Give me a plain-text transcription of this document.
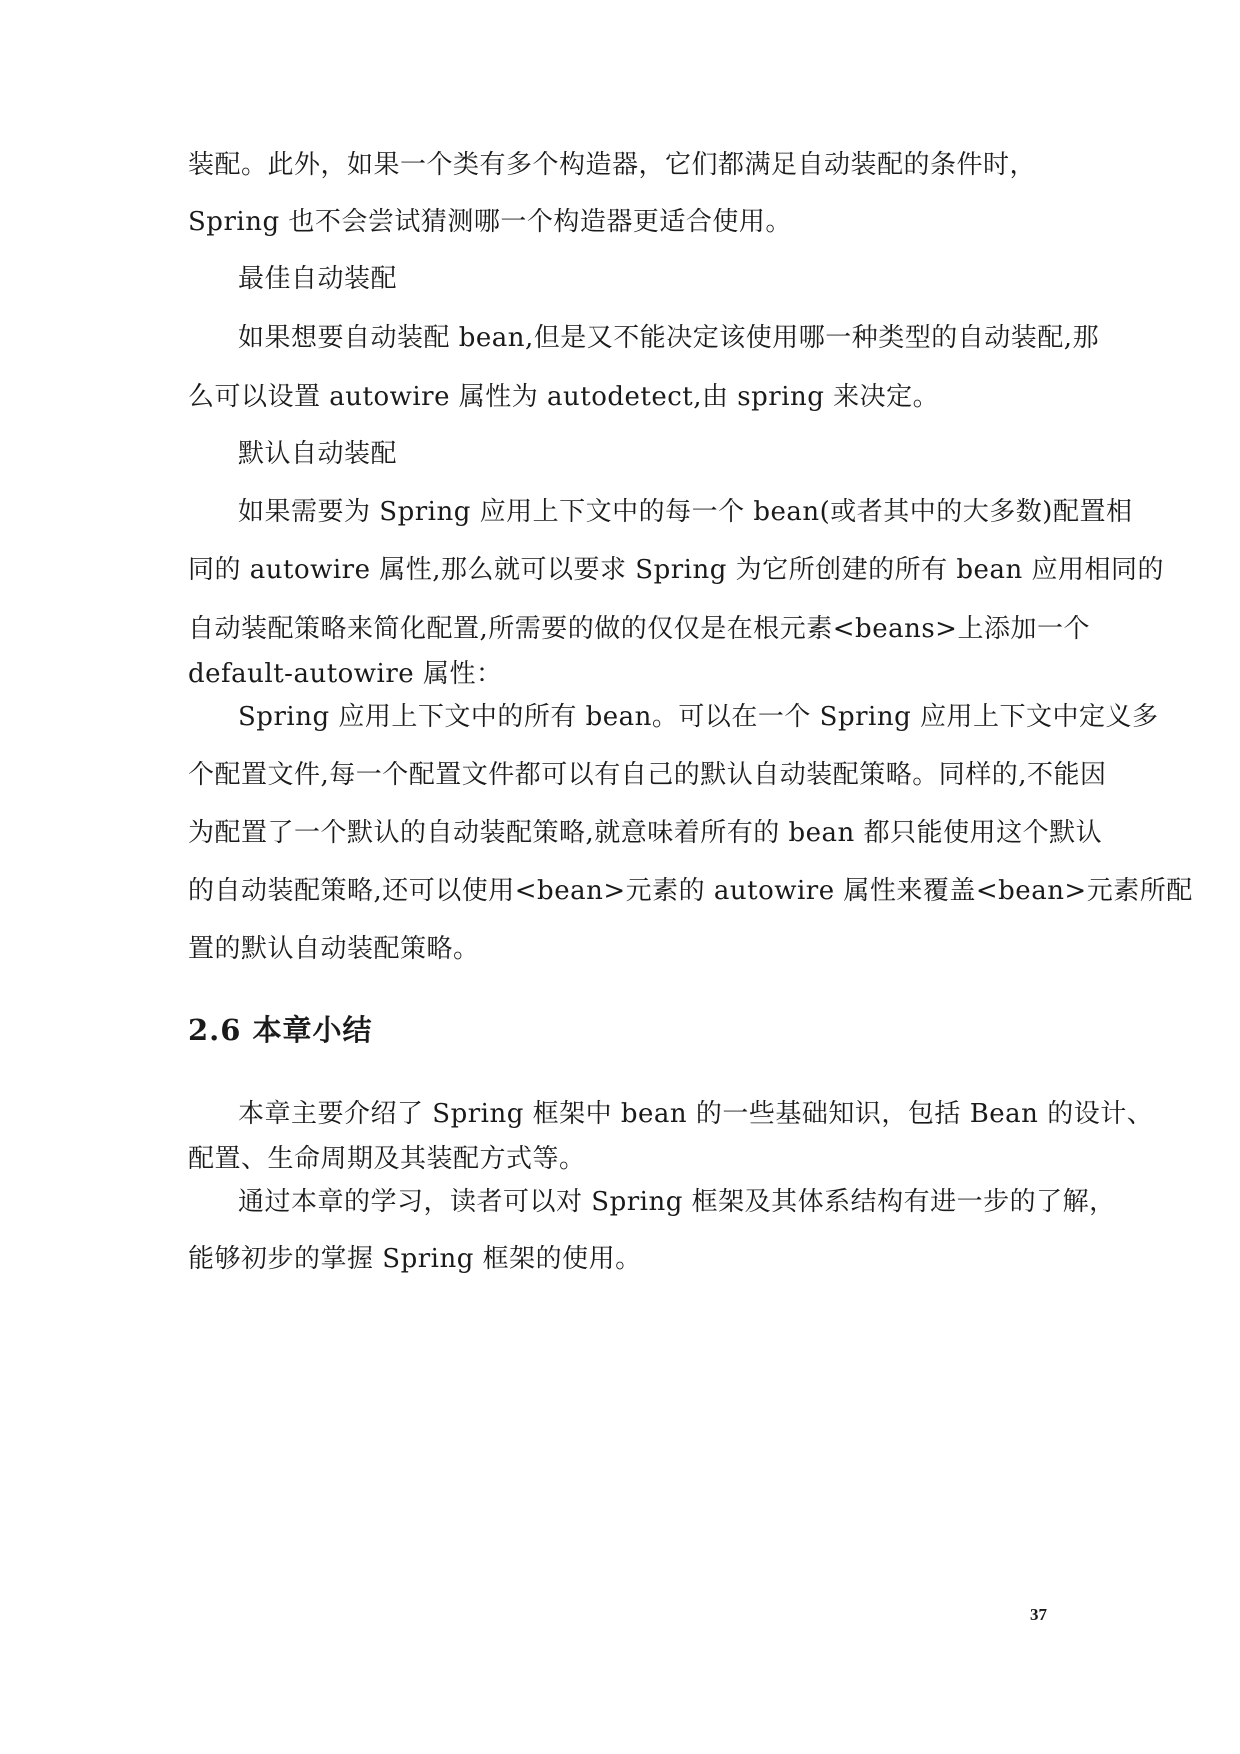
装配。此外，如果一个类有多个构造器，它们都满足自动装配的条件时，
Spring 也不会尝试猜测哪一个构造器更适合使用。
最佳自动装配
如果想要自动装配 bean,但是又不能决定该使用哪一种类型的自动装配,那
么可以设置 autowire 属性为 autodetect,由 spring 来决定。
默认自动装配
如果需要为 Spring 应用上下文中的每一个 bean(或者其中的大多数)配置相
同的 autowire 属性,那么就可以要求 Spring 为它所创建的所有 bean 应用相同的
自动装配策略来简化配置,所需要的做的仅仅是在根元素<beans>上添加一个
default-autowire 属性：
Spring 应用上下文中的所有 bean。可以在一个 Spring 应用上下文中定义多
个配置文件,每一个配置文件都可以有自己的默认自动装配策略。同样的,不能因
为配置了一个默认的自动装配策略,就意味着所有的 bean 都只能使用这个默认
的自动装配策略,还可以使用<bean>元素的 autowire 属性来覆盖<bean>元素所配
置的默认自动装配策略。
2.6 本章小结
本章主要介绍了 Spring 框架中 bean 的一些基础知识，包括 Bean 的设计、
配置、生命周期及其装配方式等。
通过本章的学习，读者可以对 Spring 框架及其体系结构有进一步的了解，
能够初步的掌握 Spring 框架的使用。
37
